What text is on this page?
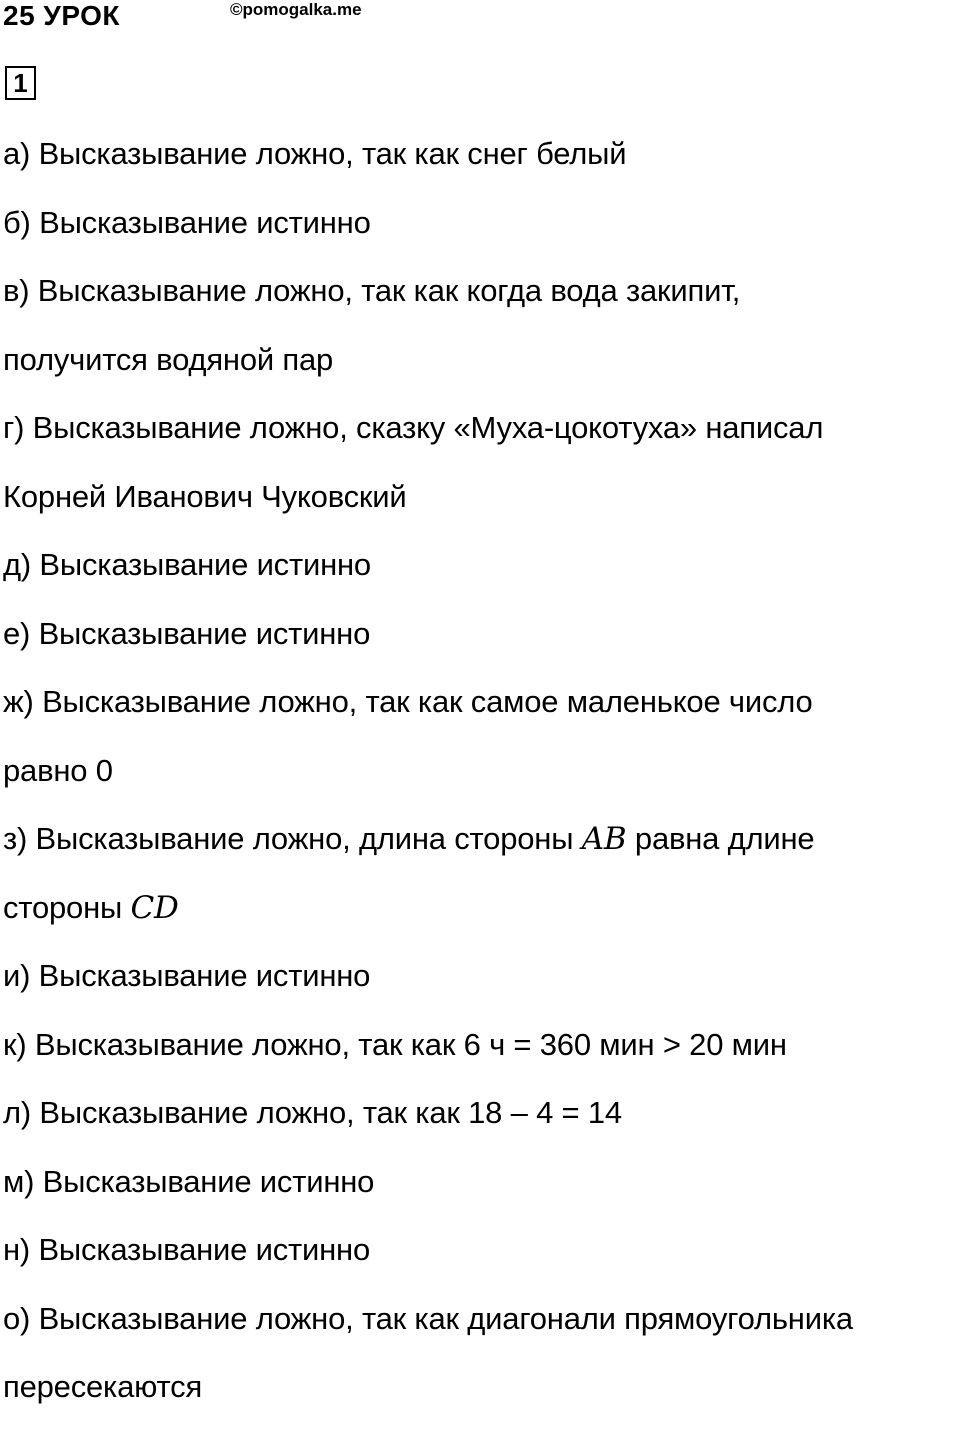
25 УРОК	©pomogalka.me
1
а) Высказывание ложно, так как снег белый
б) Высказывание истинно
в) Высказывание ложно, так как когда вода закипит,
получится водяной пар
г) Высказывание ложно, сказку «Муха-цокотуха» написал
Корней Иванович Чуковский
д) Высказывание истинно
е) Высказывание истинно
ж) Высказывание ложно, так как самое маленькое число
равно 0
з) Высказывание ложно, длина стороны AB равна длине
стороны CD
и) Высказывание истинно
к) Высказывание ложно, так как 6 ч = 360 мин > 20 мин
л) Высказывание ложно, так как 18 – 4 = 14
м) Высказывание истинно
н) Высказывание истинно
о) Высказывание ложно, так как диагонали прямоугольника
пересекаются
